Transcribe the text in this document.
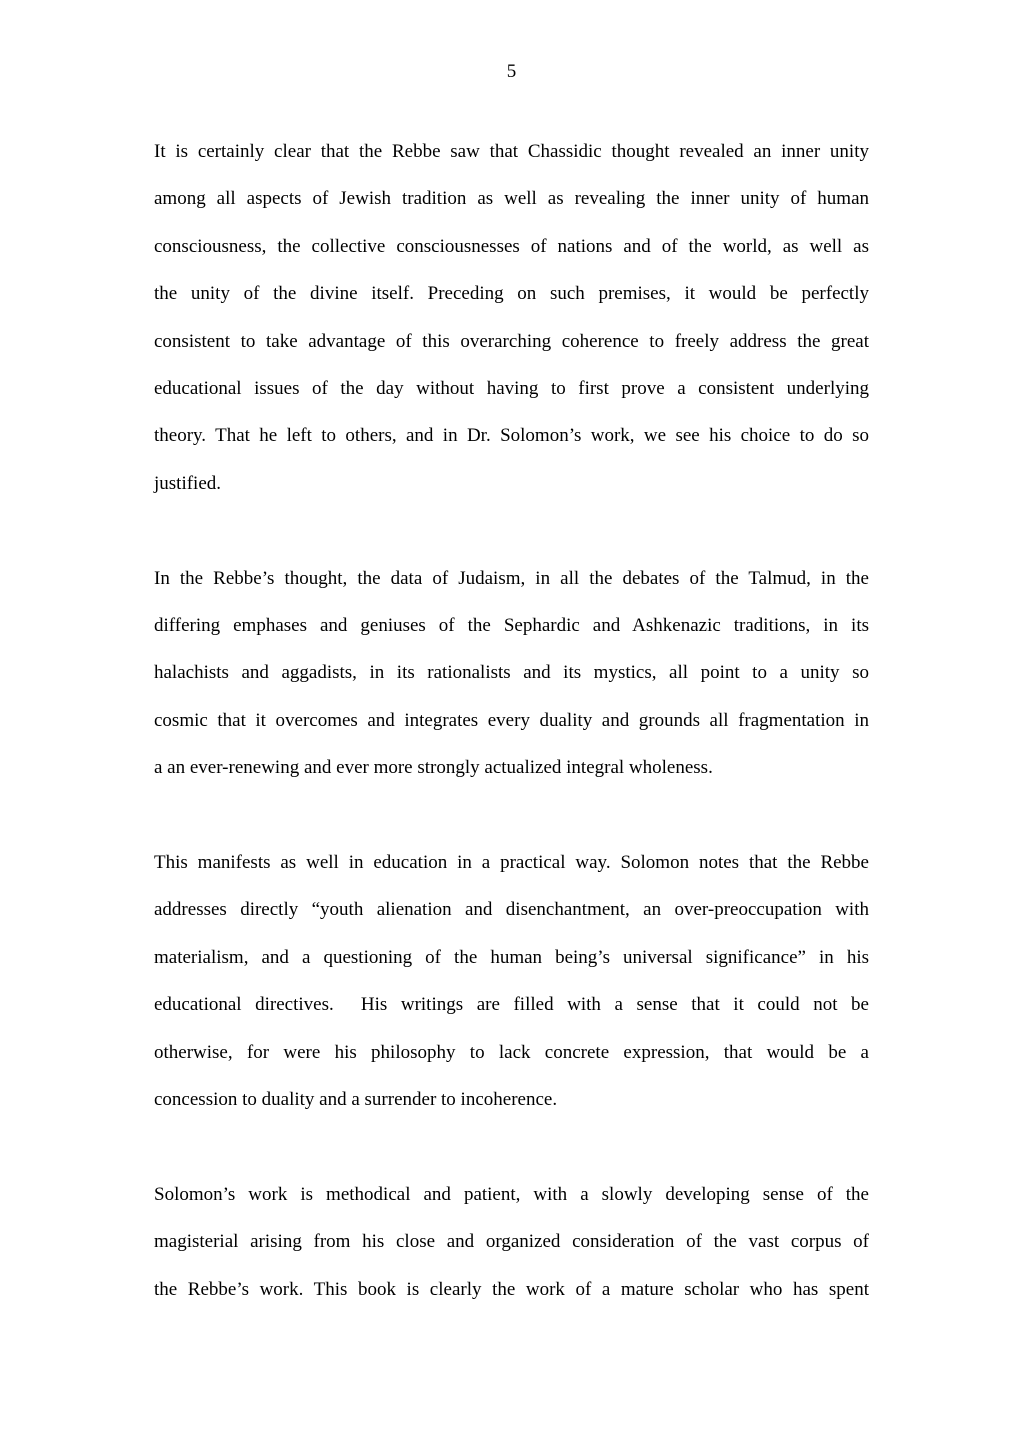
5

It is certainly clear that the Rebbe saw that Chassidic thought revealed an inner unity
among all aspects of Jewish tradition as well as revealing the inner unity of human
consciousness, the collective consciousnesses of nations and of the world, as well as
the unity of the divine itself. Preceding on such premises, it would be perfectly
consistent to take advantage of this overarching coherence to freely address the great
educational issues of the day without having to first prove a consistent underlying
theory. That he left to others, and in Dr. Solomon’s work, we see his choice to do so
justified.

In the Rebbe’s thought, the data of Judaism, in all the debates of the Talmud, in the
differing emphases and geniuses of the Sephardic and Ashkenazic traditions, in its
halachists and aggadists, in its rationalists and its mystics, all point to a unity so
cosmic that it overcomes and integrates every duality and grounds all fragmentation in
a an ever-renewing and ever more strongly actualized integral wholeness.

This manifests as well in education in a practical way. Solomon notes that the Rebbe
addresses directly “youth alienation and disenchantment, an over-preoccupation with
materialism, and a questioning of the human being’s universal significance” in his
educational directives.  His writings are filled with a sense that it could not be
otherwise, for were his philosophy to lack concrete expression, that would be a
concession to duality and a surrender to incoherence.

Solomon’s work is methodical and patient, with a slowly developing sense of the
magisterial arising from his close and organized consideration of the vast corpus of
the Rebbe’s work. This book is clearly the work of a mature scholar who has spent
